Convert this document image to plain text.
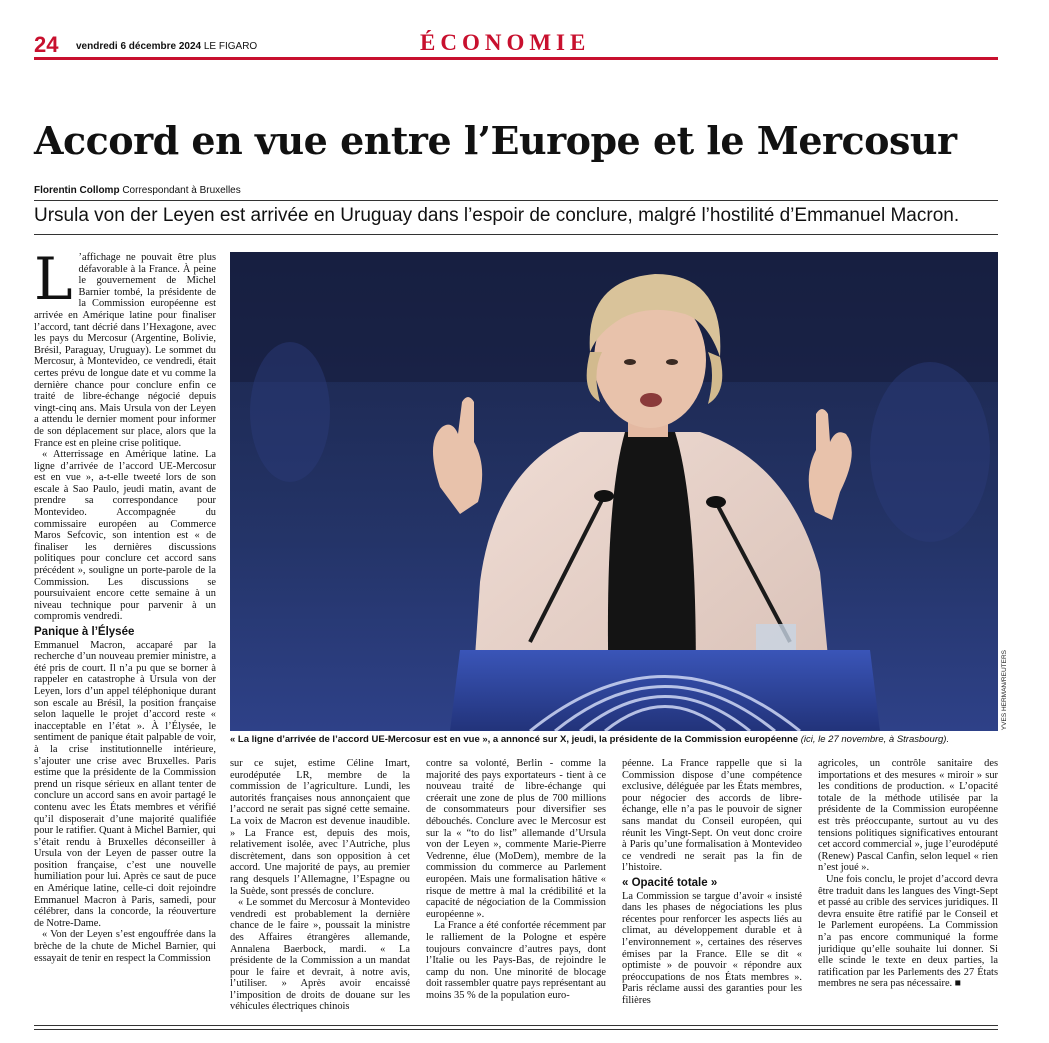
24 vendredi 6 décembre 2024 LE FIGARO	ÉCONOMIE
Accord en vue entre l’Europe et le Mercosur
Florentin Collomp Correspondant à Bruxelles
Ursula von der Leyen est arrivée en Uruguay dans l’espoir de conclure, malgré l’hostilité d’Emmanuel Macron.

L ’affichage ne pouvait être plus défavorable à la France. À peine le gouvernement de Michel Barnier tombé, la présidente de la Commission européenne est arrivée en Amérique latine pour finaliser l’accord, tant décrié dans l’Hexagone, avec les pays du Mercosur (Argentine, Bolivie, Brésil, Paraguay, Uruguay). Le sommet du Mercosur, à Montevideo, ce vendredi, était certes prévu de longue date et vu comme la dernière chance pour conclure enfin ce traité de libre-échange négocié depuis vingt-cinq ans. Mais Ursula von der Leyen a attendu le dernier moment pour informer de son déplacement sur place, alors que la France est en pleine crise politique.

« Atterrissage en Amérique latine. La ligne d’arrivée de l’accord UE-Mercosur est en vue », a-t-elle tweeté lors de son escale à Sao Paulo, jeudi matin, avant de prendre sa correspondance pour Montevideo. Accompagnée du commissaire européen au Commerce Maros Sefcovic, son intention est « de finaliser les dernières discussions politiques pour conclure cet accord sans précédent », souligne un porte-parole de la Commission. Les discussions se poursuivaient encore cette semaine à un niveau technique pour parvenir à un compromis vendredi.

Panique à l’Élysée

Emmanuel Macron, accaparé par la recherche d’un nouveau premier ministre, a été pris de court. Il n’a pu que se borner à rappeler en catastrophe à Ursula von der Leyen, lors d’un appel téléphonique durant son escale au Brésil, la position française selon laquelle le projet d’accord reste « inacceptable en l’état ». À l’Élysée, le sentiment de panique était palpable de voir, à la crise institutionnelle intérieure, s’ajouter une crise avec Bruxelles. Paris estime que la présidente de la Commission prend un risque sérieux en allant tenter de conclure un accord sans en avoir partagé le contenu avec les États membres et vérifié qu’il disposerait d’une majorité qualifiée pour le ratifier. Quant à Michel Barnier, qui s’était rendu à Bruxelles déconseiller à Ursula von der Leyen de passer outre la position française, c’est une nouvelle humiliation pour lui. Après ce saut de puce en Amérique latine, celle-ci doit rejoindre Emmanuel Macron à Paris, samedi, pour célébrer, dans la concorde, la réouverture de Notre-Dame.

« Von der Leyen s’est engouffrée dans la brèche de la chute de Michel Barnier, qui essayait de tenir en respect la Commission

YVES HERMAN/REUTERS
« La ligne d’arrivée de l’accord UE-Mercosur est en vue », a annoncé sur X, jeudi, la présidente de la Commission européenne (ici, le 27 novembre, à Strasbourg).

sur ce sujet, estime Céline Imart, eurodéputée LR, membre de la commission de l’agriculture. Lundi, les autorités françaises nous annonçaient que l’accord ne serait pas signé cette semaine. La voix de Macron est devenue inaudible. » La France est, depuis des mois, relativement isolée, avec l’Autriche, plus discrètement, dans son opposition à cet accord. Une majorité de pays, au premier rang desquels l’Allemagne, l’Espagne ou la Suède, sont pressés de conclure.

« Le sommet du Mercosur à Montevideo vendredi est probablement la dernière chance de le faire », poussait la ministre des Affaires étrangères allemande, Annalena Baerbock, mardi. « La présidente de la Commission a un mandat pour le faire et devrait, à notre avis, l’utiliser. » Après avoir encaissé l’imposition de droits de douane sur les véhicules électriques chinois

contre sa volonté, Berlin - comme la majorité des pays exportateurs - tient à ce nouveau traité de libre-échange qui créerait une zone de plus de 700 millions de consommateurs pour diversifier ses débouchés. Conclure avec le Mercosur est sur la « “to do list” allemande d’Ursula von der Leyen », commente Marie-Pierre Vedrenne, élue (MoDem), membre de la commission du commerce au Parlement européen. Mais une formalisation hâtive « risque de mettre à mal la crédibilité et la capacité de négociation de la Commission européenne ».

La France a été confortée récemment par le ralliement de la Pologne et espère toujours convaincre d’autres pays, dont l’Italie ou les Pays-Bas, de rejoindre le camp du non. Une minorité de blocage doit rassembler quatre pays représentant au moins 35 % de la population euro-

péenne. La France rappelle que si la Commission dispose d’une compétence exclusive, déléguée par les États membres, pour négocier des accords de libre-échange, elle n’a pas le pouvoir de signer sans mandat du Conseil européen, qui réunit les Vingt-Sept. On veut donc croire à Paris qu’une formalisation à Montevideo ce vendredi ne serait pas la fin de l’histoire.

« Opacité totale »

La Commission se targue d’avoir « insisté dans les phases de négociations les plus récentes pour renforcer les aspects liés au climat, au développement durable et à l’environnement », certaines des réserves émises par la France. Elle se dit « optimiste » de pouvoir « répondre aux préoccupations de nos États membres ». Paris réclame aussi des garanties pour les filières

agricoles, un contrôle sanitaire des importations et des mesures « miroir » sur les conditions de production. « L’opacité totale de la méthode utilisée par la présidente de la Commission européenne est très préoccupante, surtout au vu des tensions politiques significatives entourant cet accord commercial », juge l’eurodéputé (Renew) Pascal Canfin, selon lequel « rien n’est joué ».

Une fois conclu, le projet d’accord devra être traduit dans les langues des Vingt-Sept et passé au crible des services juridiques. Il devra ensuite être ratifié par le Conseil et le Parlement européens. La Commission n’a pas encore communiqué la forme juridique qu’elle souhaite lui donner. Si elle scinde le texte en deux parties, la ratification par les Parlements des 27 États membres ne sera pas nécessaire. ■
